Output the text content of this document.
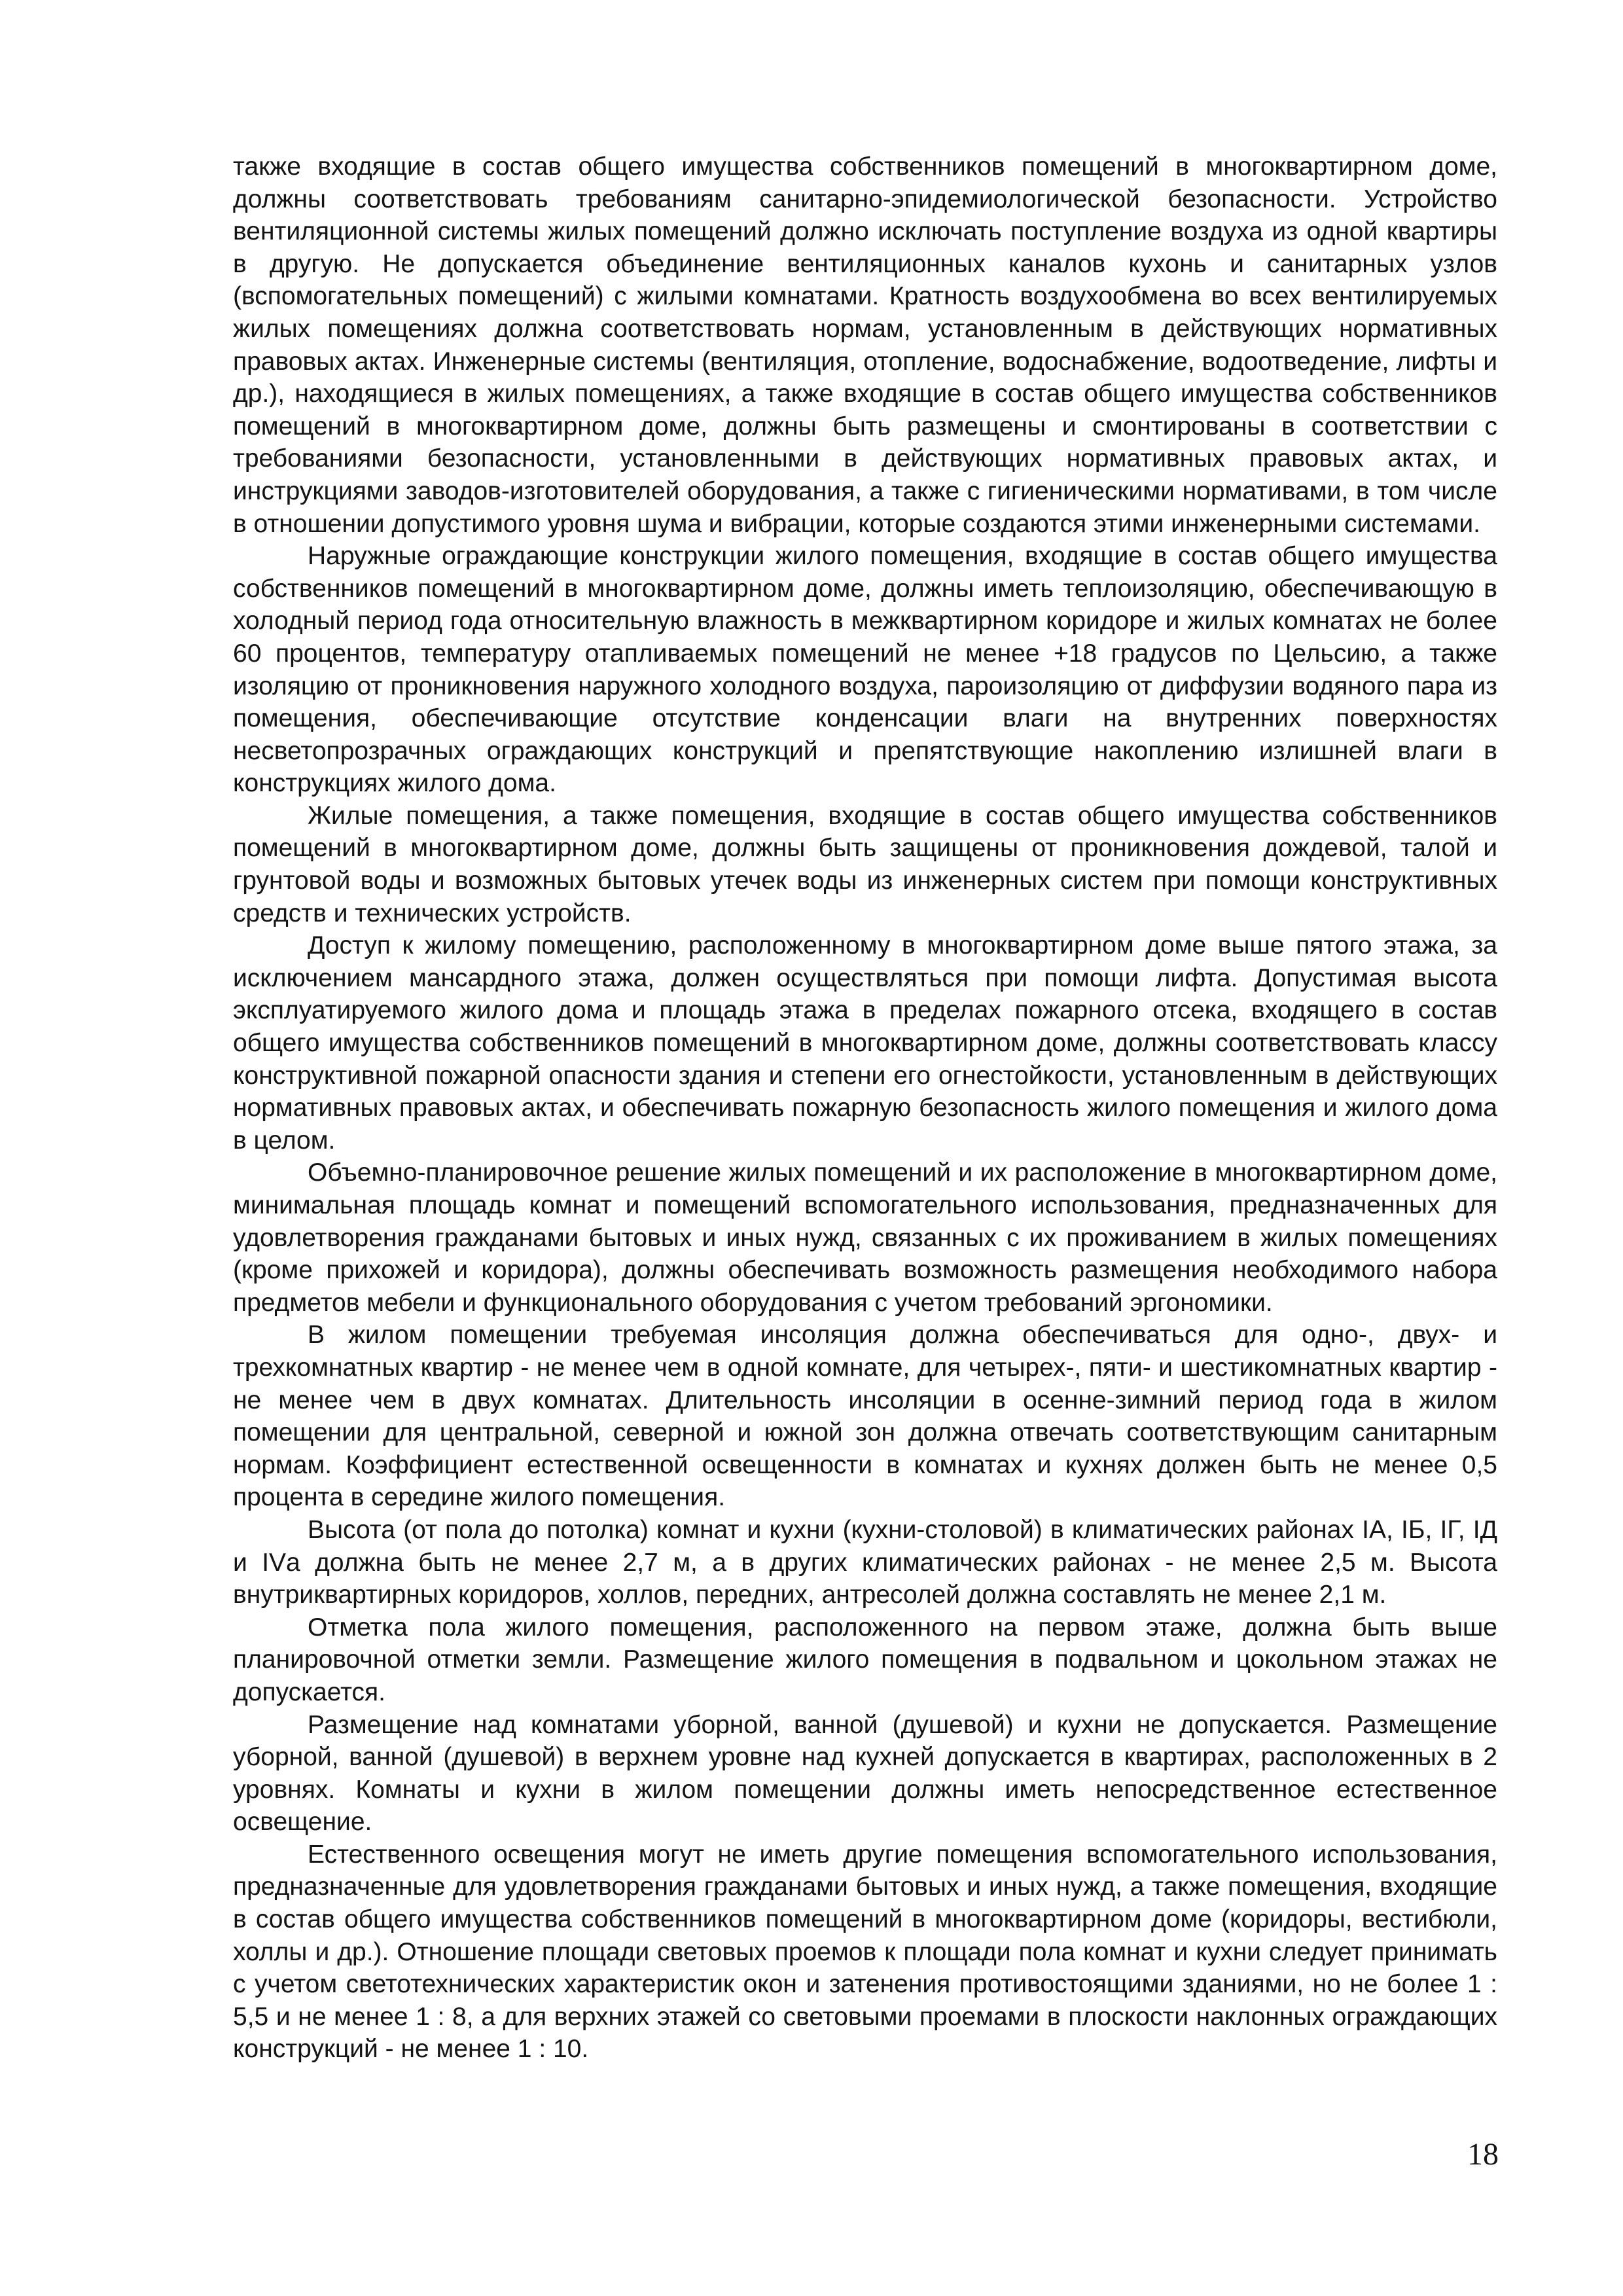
также входящие в состав общего имущества собственников помещений в многоквартирном доме, должны соответствовать требованиям санитарно-эпидемиологической безопасности. Устройство вентиляционной системы жилых помещений должно исключать поступление воздуха из одной квартиры в другую. Не допускается объединение вентиляционных каналов кухонь и санитарных узлов (вспомогательных помещений) с жилыми комнатами. Кратность воздухообмена во всех вентилируемых жилых помещениях должна соответствовать нормам, установленным в действующих нормативных правовых актах. Инженерные системы (вентиляция, отопление, водоснабжение, водоотведение, лифты и др.), находящиеся в жилых помещениях, а также входящие в состав общего имущества собственников помещений в многоквартирном доме, должны быть размещены и смонтированы в соответствии с требованиями безопасности, установленными в действующих нормативных правовых актах, и инструкциями заводов-изготовителей оборудования, а также с гигиеническими нормативами, в том числе в отношении допустимого уровня шума и вибрации, которые создаются этими инженерными системами.

Наружные ограждающие конструкции жилого помещения, входящие в состав общего имущества собственников помещений в многоквартирном доме, должны иметь теплоизоляцию, обеспечивающую в холодный период года относительную влажность в межквартирном коридоре и жилых комнатах не более 60 процентов, температуру отапливаемых помещений не менее +18 градусов по Цельсию, а также изоляцию от проникновения наружного холодного воздуха, пароизоляцию от диффузии водяного пара из помещения, обеспечивающие отсутствие конденсации влаги на внутренних поверхностях несветопрозрачных ограждающих конструкций и препятствующие накоплению излишней влаги в конструкциях жилого дома.

Жилые помещения, а также помещения, входящие в состав общего имущества собственников помещений в многоквартирном доме, должны быть защищены от проникновения дождевой, талой и грунтовой воды и возможных бытовых утечек воды из инженерных систем при помощи конструктивных средств и технических устройств.

Доступ к жилому помещению, расположенному в многоквартирном доме выше пятого этажа, за исключением мансардного этажа, должен осуществляться при помощи лифта. Допустимая высота эксплуатируемого жилого дома и площадь этажа в пределах пожарного отсека, входящего в состав общего имущества собственников помещений в многоквартирном доме, должны соответствовать классу конструктивной пожарной опасности здания и степени его огнестойкости, установленным в действующих нормативных правовых актах, и обеспечивать пожарную безопасность жилого помещения и жилого дома в целом.

Объемно-планировочное решение жилых помещений и их расположение в многоквартирном доме, минимальная площадь комнат и помещений вспомогательного использования, предназначенных для удовлетворения гражданами бытовых и иных нужд, связанных с их проживанием в жилых помещениях (кроме прихожей и коридора), должны обеспечивать возможность размещения необходимого набора предметов мебели и функционального оборудования с учетом требований эргономики.

В жилом помещении требуемая инсоляция должна обеспечиваться для одно-, двух- и трехкомнатных квартир - не менее чем в одной комнате, для четырех-, пяти- и шестикомнатных квартир - не менее чем в двух комнатах. Длительность инсоляции в осенне-зимний период года в жилом помещении для центральной, северной и южной зон должна отвечать соответствующим санитарным нормам. Коэффициент естественной освещенности в комнатах и кухнях должен быть не менее 0,5 процента в середине жилого помещения.

Высота (от пола до потолка) комнат и кухни (кухни-столовой) в климатических районах IА, IБ, IГ, IД и IVа должна быть не менее 2,7 м, а в других климатических районах - не менее 2,5 м. Высота внутриквартирных коридоров, холлов, передних, антресолей должна составлять не менее 2,1 м.

Отметка пола жилого помещения, расположенного на первом этаже, должна быть выше планировочной отметки земли. Размещение жилого помещения в подвальном и цокольном этажах не допускается.

Размещение над комнатами уборной, ванной (душевой) и кухни не допускается. Размещение уборной, ванной (душевой) в верхнем уровне над кухней допускается в квартирах, расположенных в 2 уровнях. Комнаты и кухни в жилом помещении должны иметь непосредственное естественное освещение.

Естественного освещения могут не иметь другие помещения вспомогательного использования, предназначенные для удовлетворения гражданами бытовых и иных нужд, а также помещения, входящие в состав общего имущества собственников помещений в многоквартирном доме (коридоры, вестибюли, холлы и др.). Отношение площади световых проемов к площади пола комнат и кухни следует принимать с учетом светотехнических характеристик окон и затенения противостоящими зданиями, но не более 1 : 5,5 и не менее 1 : 8, а для верхних этажей со световыми проемами в плоскости наклонных ограждающих конструкций - не менее 1 : 10.

18
